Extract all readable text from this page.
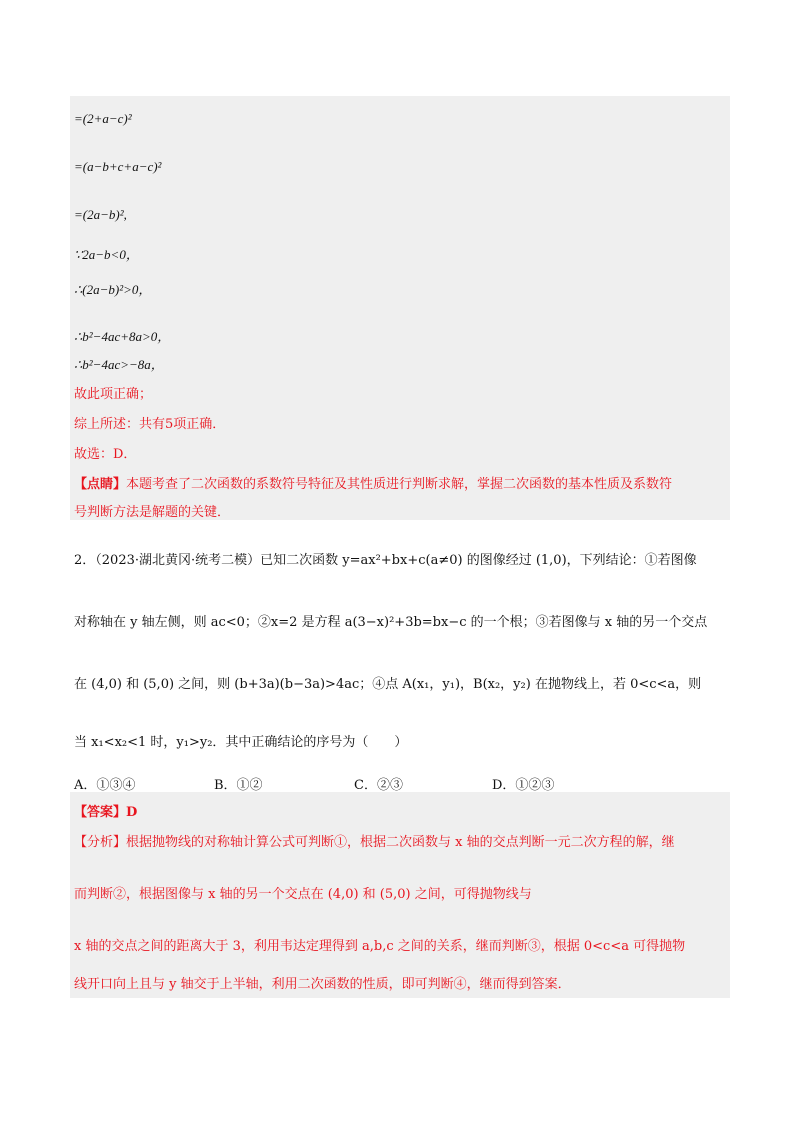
=(2+a−c)²
=(a−b+c+a−c)²
=(2a−b)²,
∵2a−b<0，
∴(2a−b)²>0，
∴b²−4ac+8a>0，
∴b²−4ac>−8a，
故此项正确；
综上所述：共有5项正确．
故选：D．
【点睛】本题考查了二次函数的系数符号特征及其性质进行判断求解，掌握二次函数的基本性质及系数符
号判断方法是解题的关键．
2．（2023·湖北黄冈·统考二模）已知二次函数 y=ax²+bx+c(a≠0) 的图像经过 (1,0)，下列结论：①若图像
对称轴在 y 轴左侧，则 ac<0；②x=2 是方程 a(3−x)²+3b=bx−c 的一个根；③若图像与 x 轴的另一个交点
在 (4,0) 和 (5,0) 之间，则 (b+3a)(b−3a)>4ac；④点 A(x₁，y₁)，B(x₂，y₂) 在抛物线上，若 0<c<a，则
当 x₁<x₂<1 时，y₁>y₂．其中正确结论的序号为（　　）
A．①③④	B．①②	C．②③	D．①②③
【答案】D
【分析】根据抛物线的对称轴计算公式可判断①，根据二次函数与 x 轴的交点判断一元二次方程的解，继
而判断②，根据图像与 x 轴的另一个交点在 (4,0) 和 (5,0) 之间，可得抛物线与
x 轴的交点之间的距离大于 3，利用韦达定理得到 a,b,c 之间的关系，继而判断③，根据 0<c<a 可得抛物
线开口向上且与 y 轴交于上半轴，利用二次函数的性质，即可判断④，继而得到答案．
